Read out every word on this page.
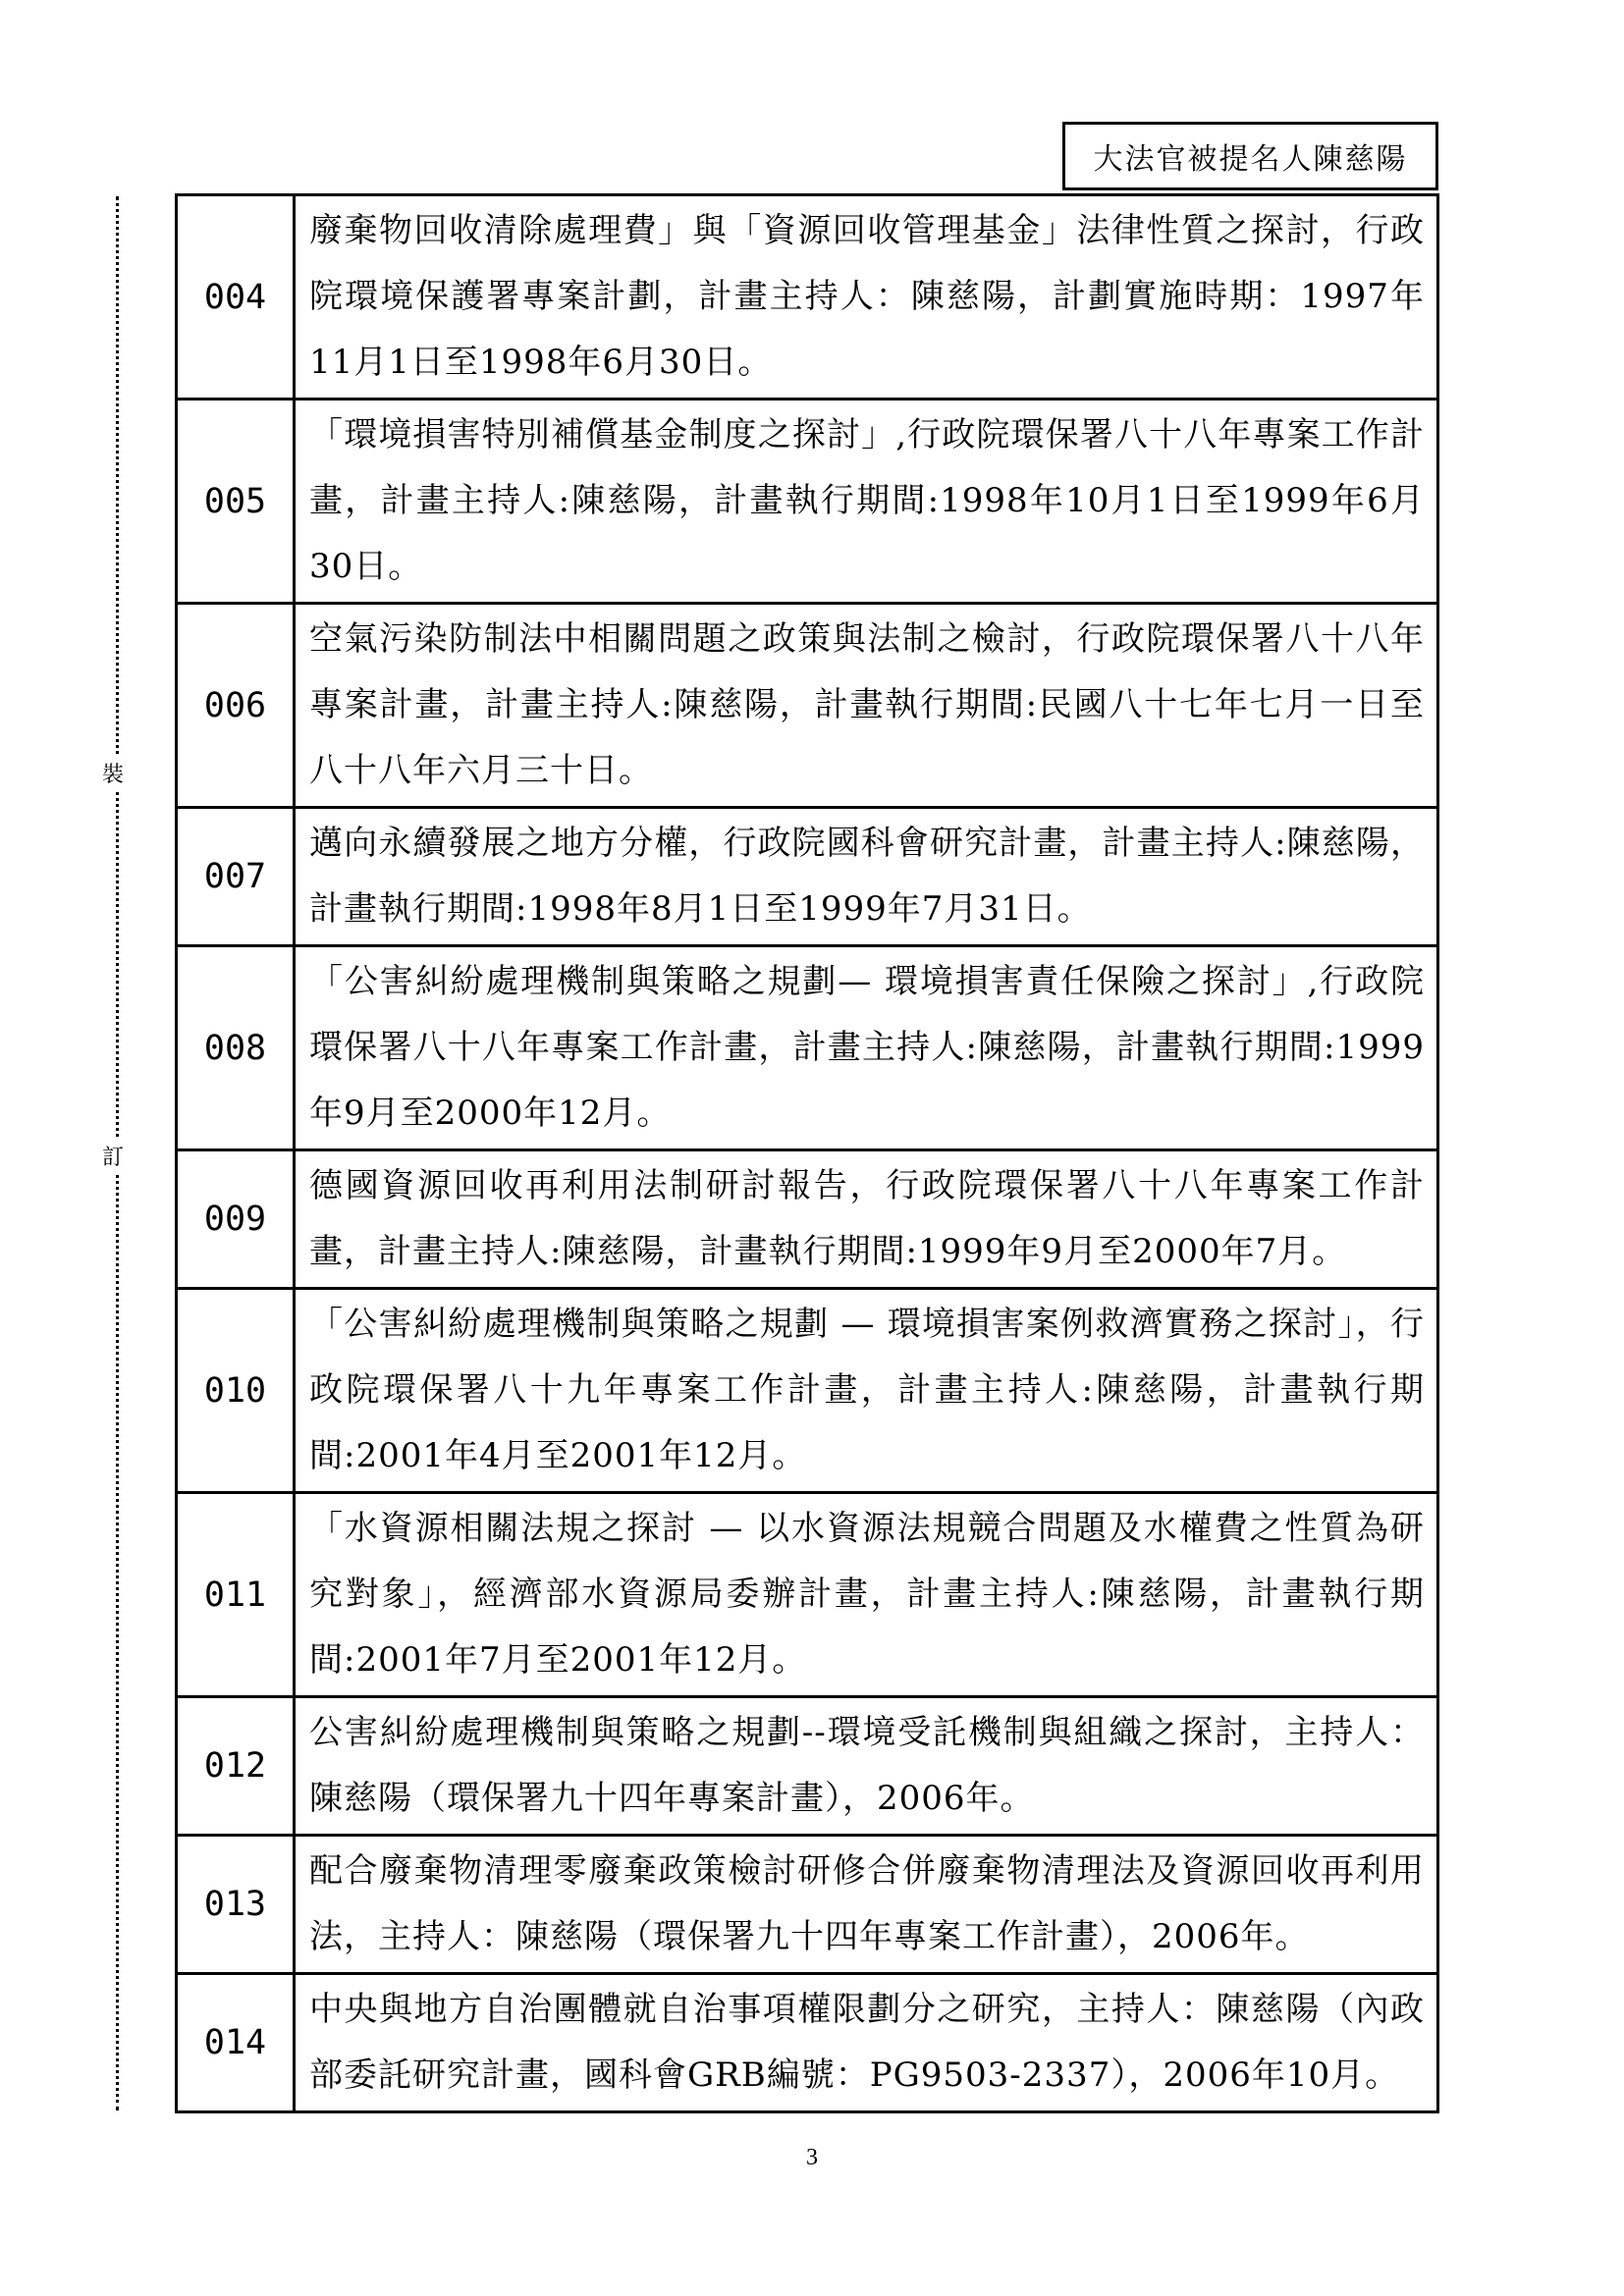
大法官被提名人陳慈陽
裝
訂
004	廢棄物回收清除處理費」與「資源回收管理基金」法律性質之探討，行政院環境保護署專案計劃，計畫主持人：陳慈陽，計劃實施時期：1997年11月1日至1998年6月30日。
005	「環境損害特別補償基金制度之探討」,行政院環保署八十八年專案工作計畫，計畫主持人:陳慈陽，計畫執行期間:1998年10月1日至1999年6月30日。
006	空氣污染防制法中相關問題之政策與法制之檢討，行政院環保署八十八年專案計畫，計畫主持人:陳慈陽，計畫執行期間:民國八十七年七月一日至八十八年六月三十日。
007	邁向永續發展之地方分權，行政院國科會研究計畫，計畫主持人:陳慈陽，計畫執行期間:1998年8月1日至1999年7月31日。
008	「公害糾紛處理機制與策略之規劃— 環境損害責任保險之探討」,行政院環保署八十八年專案工作計畫，計畫主持人:陳慈陽，計畫執行期間:1999年9月至2000年12月。
009	德國資源回收再利用法制研討報告，行政院環保署八十八年專案工作計畫，計畫主持人:陳慈陽，計畫執行期間:1999年9月至2000年7月。
010	「公害糾紛處理機制與策略之規劃 — 環境損害案例救濟實務之探討」，行政院環保署八十九年專案工作計畫，計畫主持人:陳慈陽，計畫執行期間:2001年4月至2001年12月。
011	「水資源相關法規之探討 — 以水資源法規競合問題及水權費之性質為研究對象」，經濟部水資源局委辦計畫，計畫主持人:陳慈陽，計畫執行期間:2001年7月至2001年12月。
012	公害糾紛處理機制與策略之規劃--環境受託機制與組織之探討，主持人：陳慈陽（環保署九十四年專案計畫），2006年。
013	配合廢棄物清理零廢棄政策檢討研修合併廢棄物清理法及資源回收再利用法，主持人：陳慈陽（環保署九十四年專案工作計畫），2006年。
014	中央與地方自治團體就自治事項權限劃分之研究，主持人：陳慈陽（內政部委託研究計畫，國科會GRB編號：PG9503-2337），2006年10月。
3
